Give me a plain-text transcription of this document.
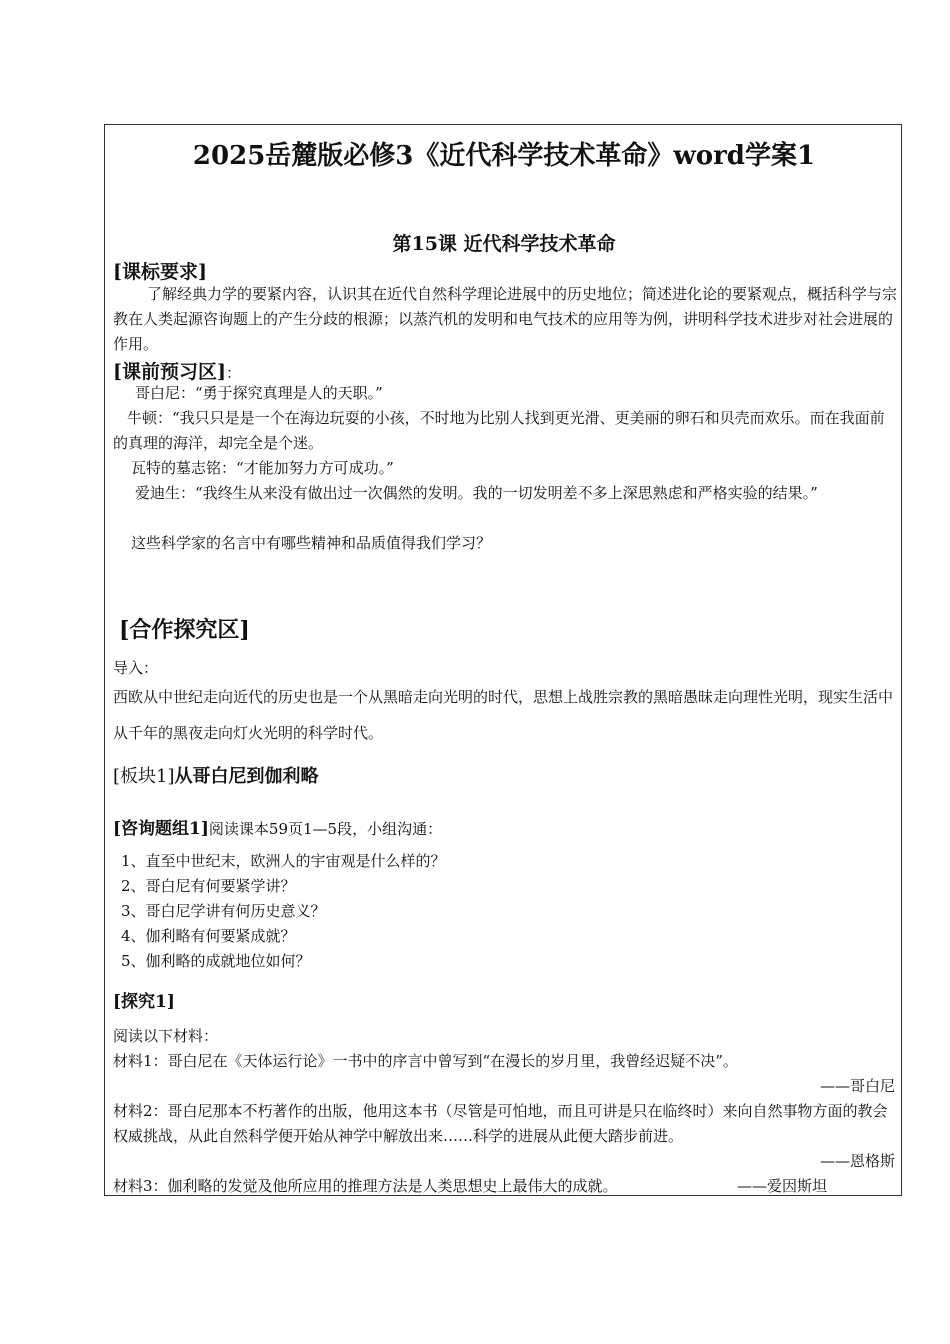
2025岳麓版必修3《近代科学技术革命》word学案1
第15课 近代科学技术革命
[课标要求]
了解经典力学的要紧内容，认识其在近代自然科学理论进展中的历史地位；简述进化论的要紧观点，概括科学与宗教在人类起源咨询题上的产生分歧的根源；以蒸汽机的发明和电气技术的应用等为例，讲明科学技术进步对社会进展的作用。
[课前预习区]：
哥白尼：“勇于探究真理是人的天职。”
牛顿：“我只只是是一个在海边玩耍的小孩，不时地为比别人找到更光滑、更美丽的卵石和贝壳而欢乐。而在我面前的真理的海洋，却完全是个迷。
瓦特的墓志铭：“才能加努力方可成功。”
爱迪生：“我终生从来没有做出过一次偶然的发明。我的一切发明差不多上深思熟虑和严格实验的结果。”
这些科学家的名言中有哪些精神和品质值得我们学习？
[合作探究区]
导入：
西欧从中世纪走向近代的历史也是一个从黑暗走向光明的时代，思想上战胜宗教的黑暗愚昧走向理性光明，现实生活中从千年的黑夜走向灯火光明的科学时代。
[板块1]从哥白尼到伽利略
[咨询题组1]阅读课本59页1—5段，小组沟通：
1、直至中世纪末，欧洲人的宇宙观是什么样的？
2、哥白尼有何要紧学讲？
3、哥白尼学讲有何历史意义？
4、伽利略有何要紧成就？
5、伽利略的成就地位如何？
[探究1]
阅读以下材料：
材料1：哥白尼在《天体运行论》一书中的序言中曾写到“在漫长的岁月里，我曾经迟疑不决”。
——哥白尼
材料2：哥白尼那本不朽著作的出版，他用这本书（尽管是可怕地，而且可讲是只在临终时）来向自然事物方面的教会权威挑战，从此自然科学便开始从神学中解放出来……科学的进展从此便大踏步前进。
——恩格斯
材料3：伽利略的发觉及他所应用的推理方法是人类思想史上最伟大的成就。	——爱因斯坦
